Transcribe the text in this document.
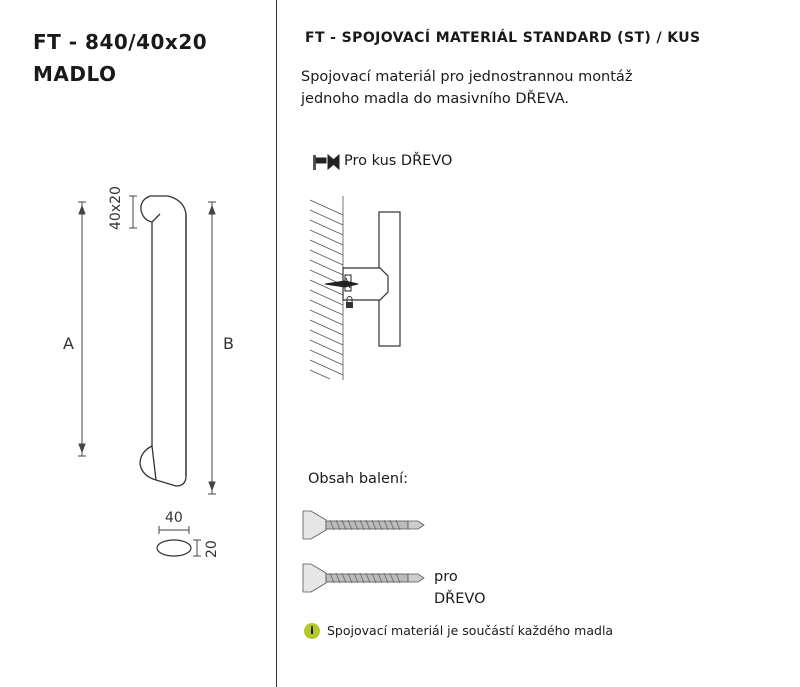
FT - 840/40x20
MADLO
A	B
40x20
40
20
FT - SPOJOVACÍ MATERIÁL STANDARD (ST) / KUS
Spojovací materiál pro jednostrannou montáž
jednoho madla do masivního DŘEVA.
Pro kus DŘEVO
Obsah balení:
pro
DŘEVO
i	Spojovací materiál je součástí každého madla
